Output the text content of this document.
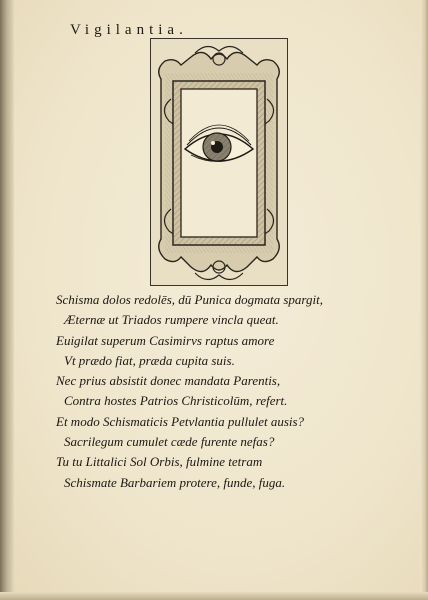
Vigilantia.
Schisma dolos redolēs, dū Punica dogmata spargit,
Æternæ ut Triados rumpere vincla queat.
Euigilat superum Casimirvs raptus amore
Vt prædo fiat, præda cupita suis.
Nec prius absistit donec mandata Parentis,
Contra hostes Patrios Christicolūm, refert.
Et modo Schismaticis Petvlantia pullulet ausis?
Sacrilegum cumulet cæde furente nefas?
Tu tu Littalici Sol Orbis, fulmine tetram
Schismate Barbariem protere, funde, fuga.
